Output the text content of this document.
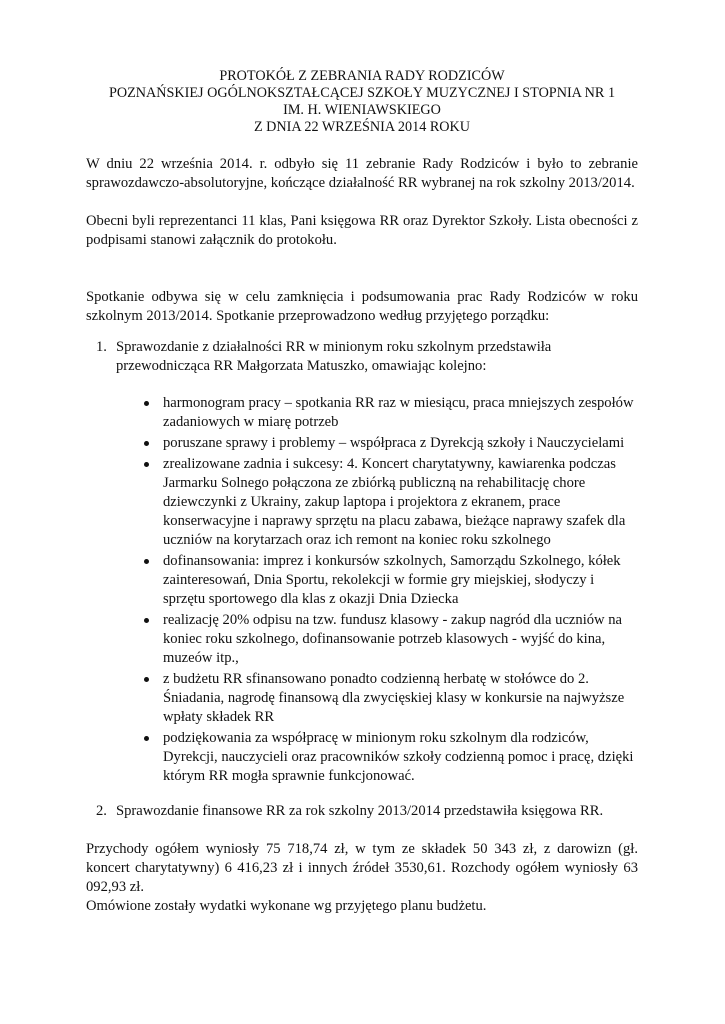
PROTOKÓŁ Z ZEBRANIA RADY RODZICÓW
POZNAŃSKIEJ OGÓLNOKSZTAŁCĄCEJ SZKOŁY MUZYCZNEJ I STOPNIA NR 1
IM. H. WIENIAWSKIEGO
Z DNIA 22 WRZEŚNIA 2014 ROKU

W dniu 22 września 2014. r. odbyło się 11 zebranie Rady Rodziców i było to zebranie sprawozdawczo-absolutoryjne, kończące działalność RR wybranej na rok szkolny 2013/2014.

Obecni byli reprezentanci 11 klas, Pani księgowa RR oraz Dyrektor Szkoły. Lista obecności z podpisami stanowi załącznik do protokołu.

Spotkanie odbywa się w celu zamknięcia i podsumowania prac Rady Rodziców w roku szkolnym 2013/2014. Spotkanie przeprowadzono według przyjętego porządku:

1. Sprawozdanie z działalności RR w minionym roku szkolnym przedstawiła przewodnicząca RR Małgorzata Matuszko, omawiając kolejno:
harmonogram pracy – spotkania RR raz w miesiącu, praca mniejszych zespołów zadaniowych w miarę potrzeb
poruszane sprawy i problemy – współpraca z Dyrekcją szkoły i Nauczycielami
zrealizowane zadnia i sukcesy: 4. Koncert charytatywny, kawiarenka podczas Jarmarku Solnego połączona ze zbiórką publiczną na rehabilitację chore dziewczynki z Ukrainy, zakup laptopa i projektora z ekranem, prace konserwacyjne i naprawy sprzętu na placu zabawa, bieżące naprawy szafek dla uczniów na korytarzach oraz ich remont na koniec roku szkolnego
dofinansowania: imprez i konkursów szkolnych, Samorządu Szkolnego, kółek zainteresowań, Dnia Sportu, rekolekcji w formie gry miejskiej, słodyczy i sprzętu sportowego dla klas z okazji Dnia Dziecka
realizację 20% odpisu na tzw. fundusz klasowy - zakup nagród dla uczniów na koniec roku szkolnego, dofinansowanie potrzeb klasowych - wyjść do kina, muzeów itp.,
z budżetu RR sfinansowano ponadto codzienną herbatę w stołówce do 2. Śniadania, nagrodę finansową dla zwycięskiej klasy w konkursie na najwyższe wpłaty składek RR
podziękowania za współpracę w minionym roku szkolnym dla rodziców, Dyrekcji, nauczycieli oraz pracowników szkoły codzienną pomoc i pracę, dzięki którym RR mogła sprawnie funkcjonować.
2. Sprawozdanie finansowe RR za rok szkolny 2013/2014 przedstawiła księgowa RR.

Przychody ogółem wyniosły 75 718,74 zł, w tym ze składek 50 343 zł, z darowizn (gł. koncert charytatywny) 6 416,23 zł i innych źródeł 3530,61. Rozchody ogółem wyniosły 63 092,93 zł.

Omówione zostały wydatki wykonane wg przyjętego planu budżetu.
